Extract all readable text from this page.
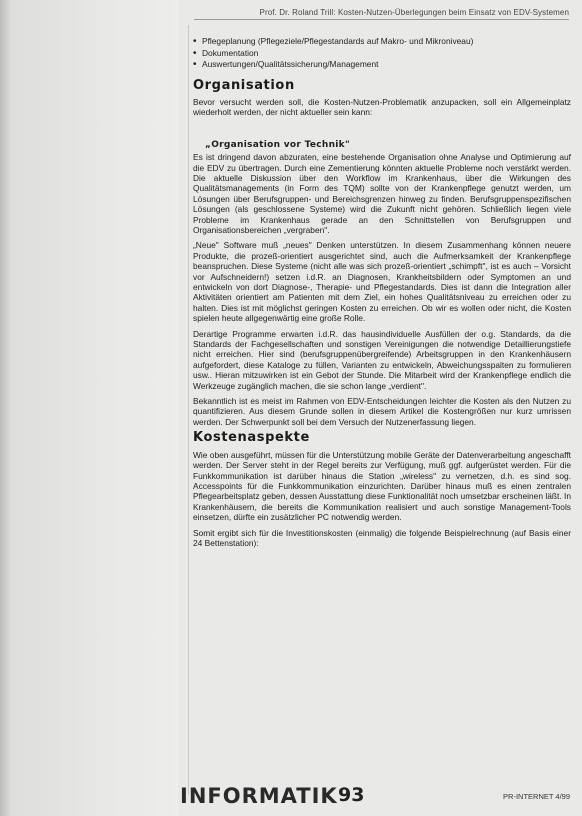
Prof. Dr. Roland Trill: Kosten-Nutzen-Überlegungen beim Einsatz von EDV-Systemen
• Pflegeplanung (Pflegeziele/Pflegestandards auf Makro- und Mikroniveau)
• Dokumentation
• Auswertungen/Qualitätssicherung/Management
Organisation

Bevor versucht werden soll, die Kosten-Nutzen-Problematik anzupacken, soll ein Allgemeinplatz wiederholt werden, der nicht aktueller sein kann:

„Organisation vor Technik"

Es ist dringend davon abzuraten, eine bestehende Organisation ohne Analyse und Optimierung auf die EDV zu übertragen. Durch eine Zementierung könnten aktuelle Probleme noch verstärkt werden. Die aktuelle Diskussion über den Workflow im Krankenhaus, über die Wirkungen des Qualitätsmanagements (in Form des TQM) sollte von der Krankenpflege genutzt werden, um Lösungen über Berufsgruppen- und Bereichsgrenzen hinweg zu finden. Berufsgruppenspezifischen Lösungen (als geschlossene Systeme) wird die Zukunft nicht gehören. Schließlich liegen viele Probleme im Krankenhaus gerade an den Schnittstellen von Berufsgruppen und Organisationsbereichen „vergraben".

„Neue" Software muß „neues" Denken unterstützen. In diesem Zusammenhang können neuere Produkte, die prozeß-orientiert ausgerichtet sind, auch die Aufmerksamkeit der Krankenpflege beanspruchen. Diese Systeme (nicht alle was sich prozeß-orientiert „schimpft", ist es auch – Vorsicht vor Aufschneidern!) setzen i.d.R. an Diagnosen, Krankheitsbildern oder Symptomen an und entwickeln von dort Diagnose-, Therapie- und Pflegestandards. Dies ist dann die Integration aller Aktivitäten orientiert am Patienten mit dem Ziel, ein hohes Qualitätsniveau zu erreichen oder zu halten. Dies ist mit möglichst geringen Kosten zu erreichen. Ob wir es wollen oder nicht, die Kosten spielen heute allgegenwärtig eine große Rolle.

Derartige Programme erwarten i.d.R. das hausindividuelle Ausfüllen der o.g. Standards, da die Standards der Fachgesellschaften und sonstigen Vereinigungen die notwendige Detaillierungstiefe nicht erreichen. Hier sind (berufsgruppenübergreifende) Arbeitsgruppen in den Krankenhäusern aufgefordert, diese Kataloge zu füllen, Varianten zu entwickeln, Abweichungsspalten zu formulieren usw.. Hieran mitzuwirken ist ein Gebot der Stunde. Die Mitarbeit wird der Krankenpflege endlich die Werkzeuge zugänglich machen, die sie schon lange „verdient".

Bekanntlich ist es meist im Rahmen von EDV-Entscheidungen leichter die Kosten als den Nutzen zu quantifizieren. Aus diesem Grunde sollen in diesem Artikel die Kostengrößen nur kurz umrissen werden. Der Schwerpunkt soll bei dem Versuch der Nutzenerfassung liegen.

Kostenaspekte

Wie oben ausgeführt, müssen für die Unterstützung mobile Geräte der Datenverarbeitung angeschafft werden. Der Server steht in der Regel bereits zur Verfügung, muß ggf. aufgerüstet werden. Für die Funkkommunikation ist darüber hinaus die Station „wireless" zu vernetzen, d.h. es sind sog. Accesspoints für die Funkkommunikation einzurichten. Darüber hinaus muß es einen zentralen Pflegearbeitsplatz geben, dessen Ausstattung diese Funktionalität noch umsetzbar erscheinen läßt. In Krankenhäusern, die bereits die Kommunikation realisiert und auch sonstige Management-Tools einsetzen, dürfte ein zusätzlicher PC notwendig werden.

Somit ergibt sich für die Investitionskosten (einmalig) die folgende Beispielrechnung (auf Basis einer 24 Bettenstation):

INFORMATIK 93	PR-INTERNET 4/99
